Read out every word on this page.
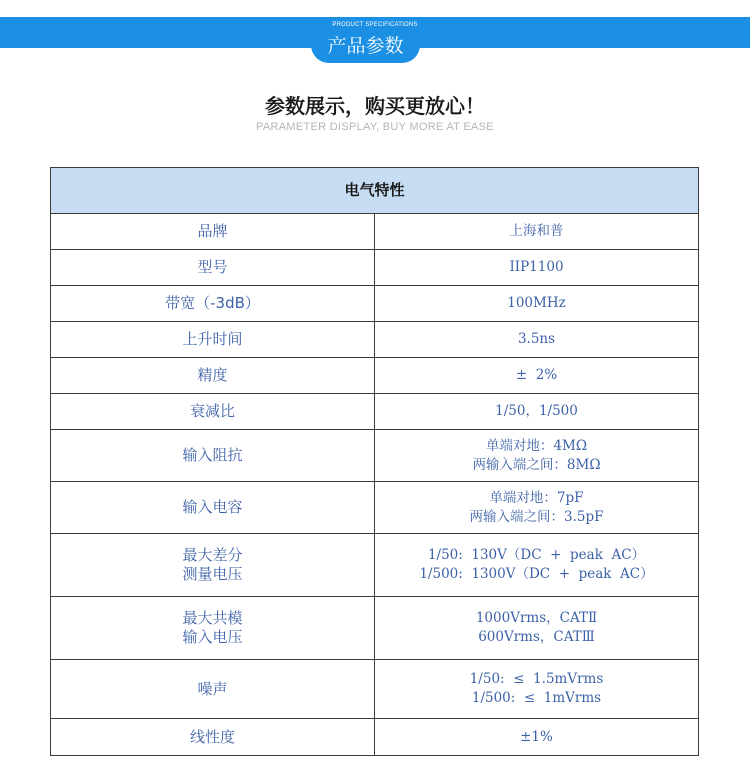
PRODUCT SPECIFICATIONS
产品参数
参数展示，购买更放心！
PARAMETER DISPLAY, BUY MORE AT EASE
电气特性	

品牌	上海和普

型号	IIP1100

带宽（-3dB）	100MHz

上升时间	3.5ns

精度	±  2%

衰减比	1/50，1/500

输入阻抗	单端对地：4MΩ
两输入端之间：8MΩ

输入电容	单端对地：7pF
两输入端之间：3.5pF

最大差分
测量电压	1/50:  130V（DC  +  peak  AC）
1/500:  1300V（DC  +  peak  AC）

最大共模
输入电压	1000Vrms，CATⅡ
600Vrms，CATⅢ

噪声	1/50:  ≤  1.5mVrms
1/500:  ≤  1mVrms

线性度	±1%
